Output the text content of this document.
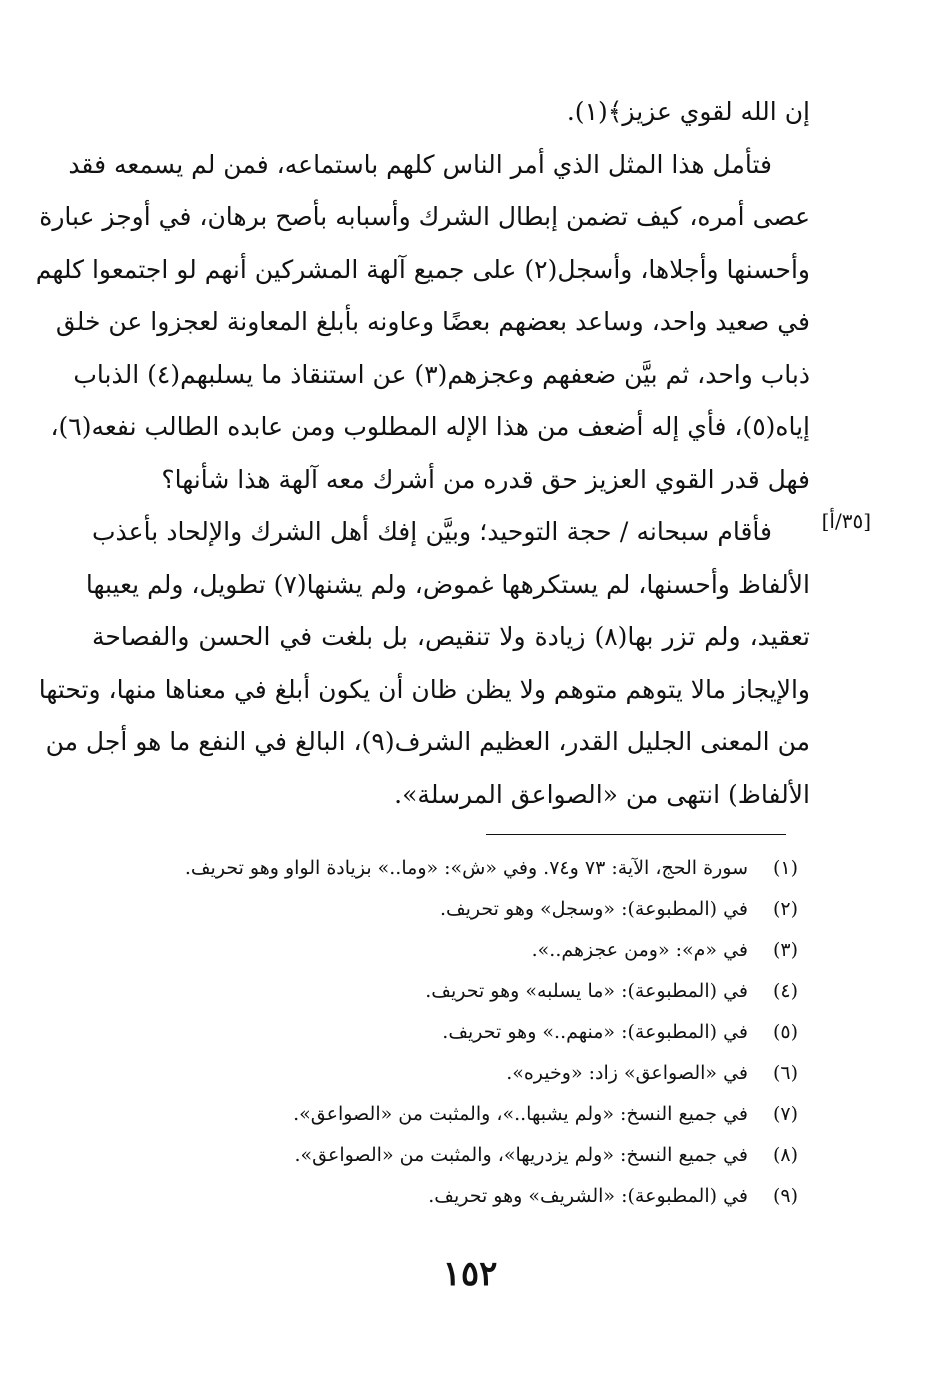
إن الله لقوي عزيز﴾(١).
فتأمل هذا المثل الذي أمر الناس كلهم باستماعه، فمن لم يسمعه فقد
عصى أمره، كيف تضمن إبطال الشرك وأسبابه بأصح برهان، في أوجز عبارة
وأحسنها وأجلاها، وأسجل(٢) على جميع آلهة المشركين أنهم لو اجتمعوا كلهم
في صعيد واحد، وساعد بعضهم بعضًا وعاونه بأبلغ المعاونة لعجزوا عن خلق
ذباب واحد، ثم بيَّن ضعفهم وعجزهم(٣) عن استنقاذ ما يسلبهم(٤) الذباب
إياه(٥)، فأي إله أضعف من هذا الإله المطلوب ومن عابده الطالب نفعه(٦)،
فهل قدر القوي العزيز حق قدره من أشرك معه آلهة هذا شأنها؟
فأقام سبحانه / حجة التوحيد؛ وبيَّن إفك أهل الشرك والإلحاد بأعذب
الألفاظ وأحسنها، لم يستكرهها غموض، ولم يشنها(٧) تطويل، ولم يعيبها
تعقيد، ولم تزر بها(٨) زيادة ولا تنقيص، بل بلغت في الحسن والفصاحة
والإيجاز مالا يتوهم متوهم ولا يظن ظان أن يكون أبلغ في معناها منها، وتحتها
من المعنى الجليل القدر، العظيم الشرف(٩)، البالغ في النفع ما هو أجل من
الألفاظ) انتهى من «الصواعق المرسلة».
[٣٥/أ]
(١)
سورة الحج، الآية: ٧٣ و٧٤. وفي «ش»: «وما..» بزيادة الواو وهو تحريف.
(٢)
في (المطبوعة): «وسجل» وهو تحريف.
(٣)
في «م»: «ومن عجزهم..».
(٤)
في (المطبوعة): «ما يسلبه» وهو تحريف.
(٥)
في (المطبوعة): «منهم..» وهو تحريف.
(٦)
في «الصواعق» زاد: «وخيره».
(٧)
في جميع النسخ: «ولم يشبها..»، والمثبت من «الصواعق».
(٨)
في جميع النسخ: «ولم يزدريها»، والمثبت من «الصواعق».
(٩)
في (المطبوعة): «الشريف» وهو تحريف.
١٥٢
